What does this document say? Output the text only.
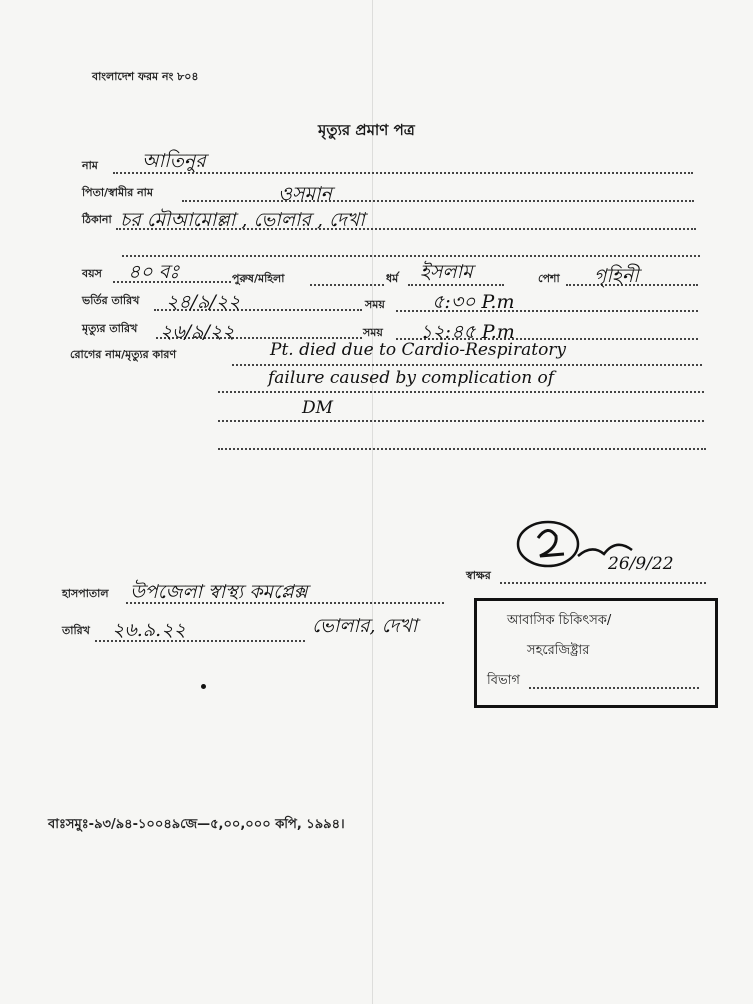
বাংলাদেশ ফরম নং ৮০৪
মৃত্যুর প্রমাণ পত্র
নাম আতিনুর
পিতা/স্বামীর নাম	ওসমান
ঠিকানা চর মৌআমোল্লা , ভোলার , দেখা
বয়স ৪০ বঃ	পুরুষ/মহিলা	ধর্ম ইসলাম	পেশা গৃহিনী
ভর্তির তারিখ ২৪/৯/২২	সময় ৫:৩০ P.m
মৃত্যুর তারিখ ২৬/৯/২২	সময় ১২:৪৫ P.m
রোগের নাম/মৃত্যুর কারণ	Pt. died due to Cardio-Respiratory
failure caused by complication of
DM
স্বাক্ষর
26/9/22
হাসপাতাল উপজেলা স্বাস্থ্য কমপ্লেক্স
তারিখ ২৬.৯.২২	ভোলার, দেখা	আবাসিক চিকিৎসক/
সহরেজিষ্ট্রার
বিভাগ
বাঃসমুঃ-৯৩/৯৪-১০০৪৯জে—৫,০০,০০০ কপি, ১৯৯৪।
